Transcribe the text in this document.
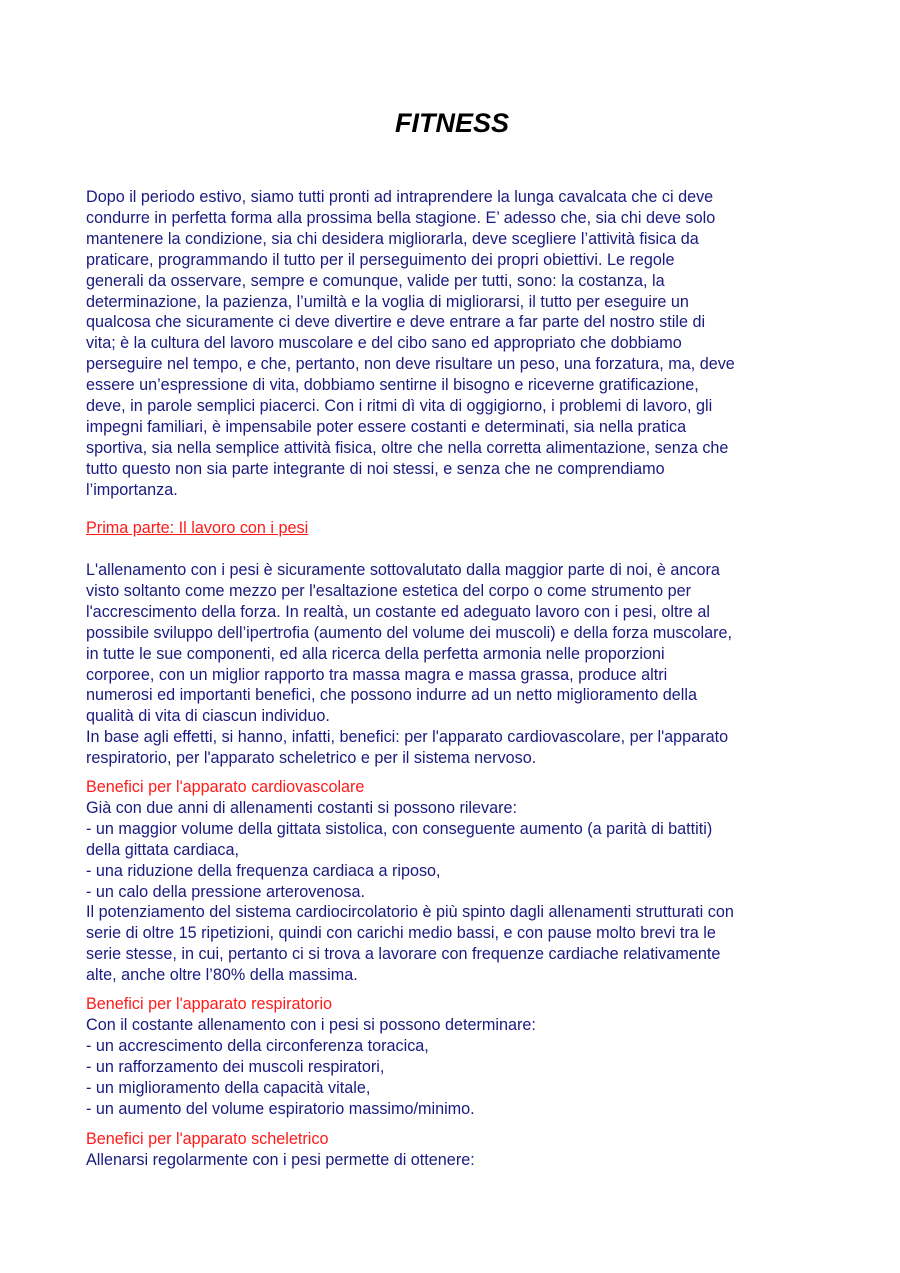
FITNESS

Dopo il periodo estivo, siamo tutti pronti ad intraprendere la lunga cavalcata che ci deve
condurre in perfetta forma alla prossima bella stagione. E’ adesso che, sia chi deve solo
mantenere la condizione, sia chi desidera migliorarla, deve scegliere l’attività fisica da
praticare, programmando il tutto per il perseguimento dei propri obiettivi. Le regole
generali da osservare, sempre e comunque, valide per tutti, sono: la costanza, la
determinazione, la pazienza, l’umiltà e la voglia di migliorarsi, il tutto per eseguire un
qualcosa che sicuramente ci deve divertire e deve entrare a far parte del nostro stile di
vita; è la cultura del lavoro muscolare e del cibo sano ed appropriato che dobbiamo
perseguire nel tempo, e che, pertanto, non deve risultare un peso, una forzatura, ma, deve
essere un’espressione di vita, dobbiamo sentirne il bisogno e riceverne gratificazione,
deve, in parole semplici piacerci. Con i ritmi dì vita di oggigiorno, i problemi di lavoro, gli
impegni familiari, è impensabile poter essere costanti e determinati, sia nella pratica
sportiva, sia nella semplice attività fisica, oltre che nella corretta alimentazione, senza che
tutto questo non sia parte integrante di noi stessi, e senza che ne comprendiamo
l’importanza.

Prima parte: Il lavoro con i pesi

L'allenamento con i pesi è sicuramente sottovalutato dalla maggior parte di noi, è ancora
visto soltanto come mezzo per l'esaltazione estetica del corpo o come strumento per
l'accrescimento della forza. In realtà, un costante ed adeguato lavoro con i pesi, oltre al
possibile sviluppo dell’ipertrofia (aumento del volume dei muscoli) e della forza muscolare,
in tutte le sue componenti, ed alla ricerca della perfetta armonia nelle proporzioni
corporee, con un miglior rapporto tra massa magra e massa grassa, produce altri
numerosi ed importanti benefici, che possono indurre ad un netto miglioramento della
qualità di vita di ciascun individuo.
In base agli effetti, si hanno, infatti, benefici: per l'apparato cardiovascolare, per l'apparato
respiratorio, per l'apparato scheletrico e per il sistema nervoso.

Benefici per l'apparato cardiovascolare

Già con due anni di allenamenti costanti si possono rilevare:
- un maggior volume della gittata sistolica, con conseguente aumento (a parità di battiti)
della gittata cardiaca,
- una riduzione della frequenza cardiaca a riposo,
- un calo della pressione arterovenosa.
Il potenziamento del sistema cardiocircolatorio è più spinto dagli allenamenti strutturati con
serie di oltre 15 ripetizioni, quindi con carichi medio bassi, e con pause molto brevi tra le
serie stesse, in cui, pertanto ci si trova a lavorare con frequenze cardiache relativamente
alte, anche oltre l’80% della massima.

Benefici per l'apparato respiratorio

Con il costante allenamento con i pesi si possono determinare:
- un accrescimento della circonferenza toracica,
- un rafforzamento dei muscoli respiratori,
- un miglioramento della capacità vitale,
- un aumento del volume espiratorio massimo/minimo.

Benefici per l'apparato scheletrico

Allenarsi regolarmente con i pesi permette di ottenere:
